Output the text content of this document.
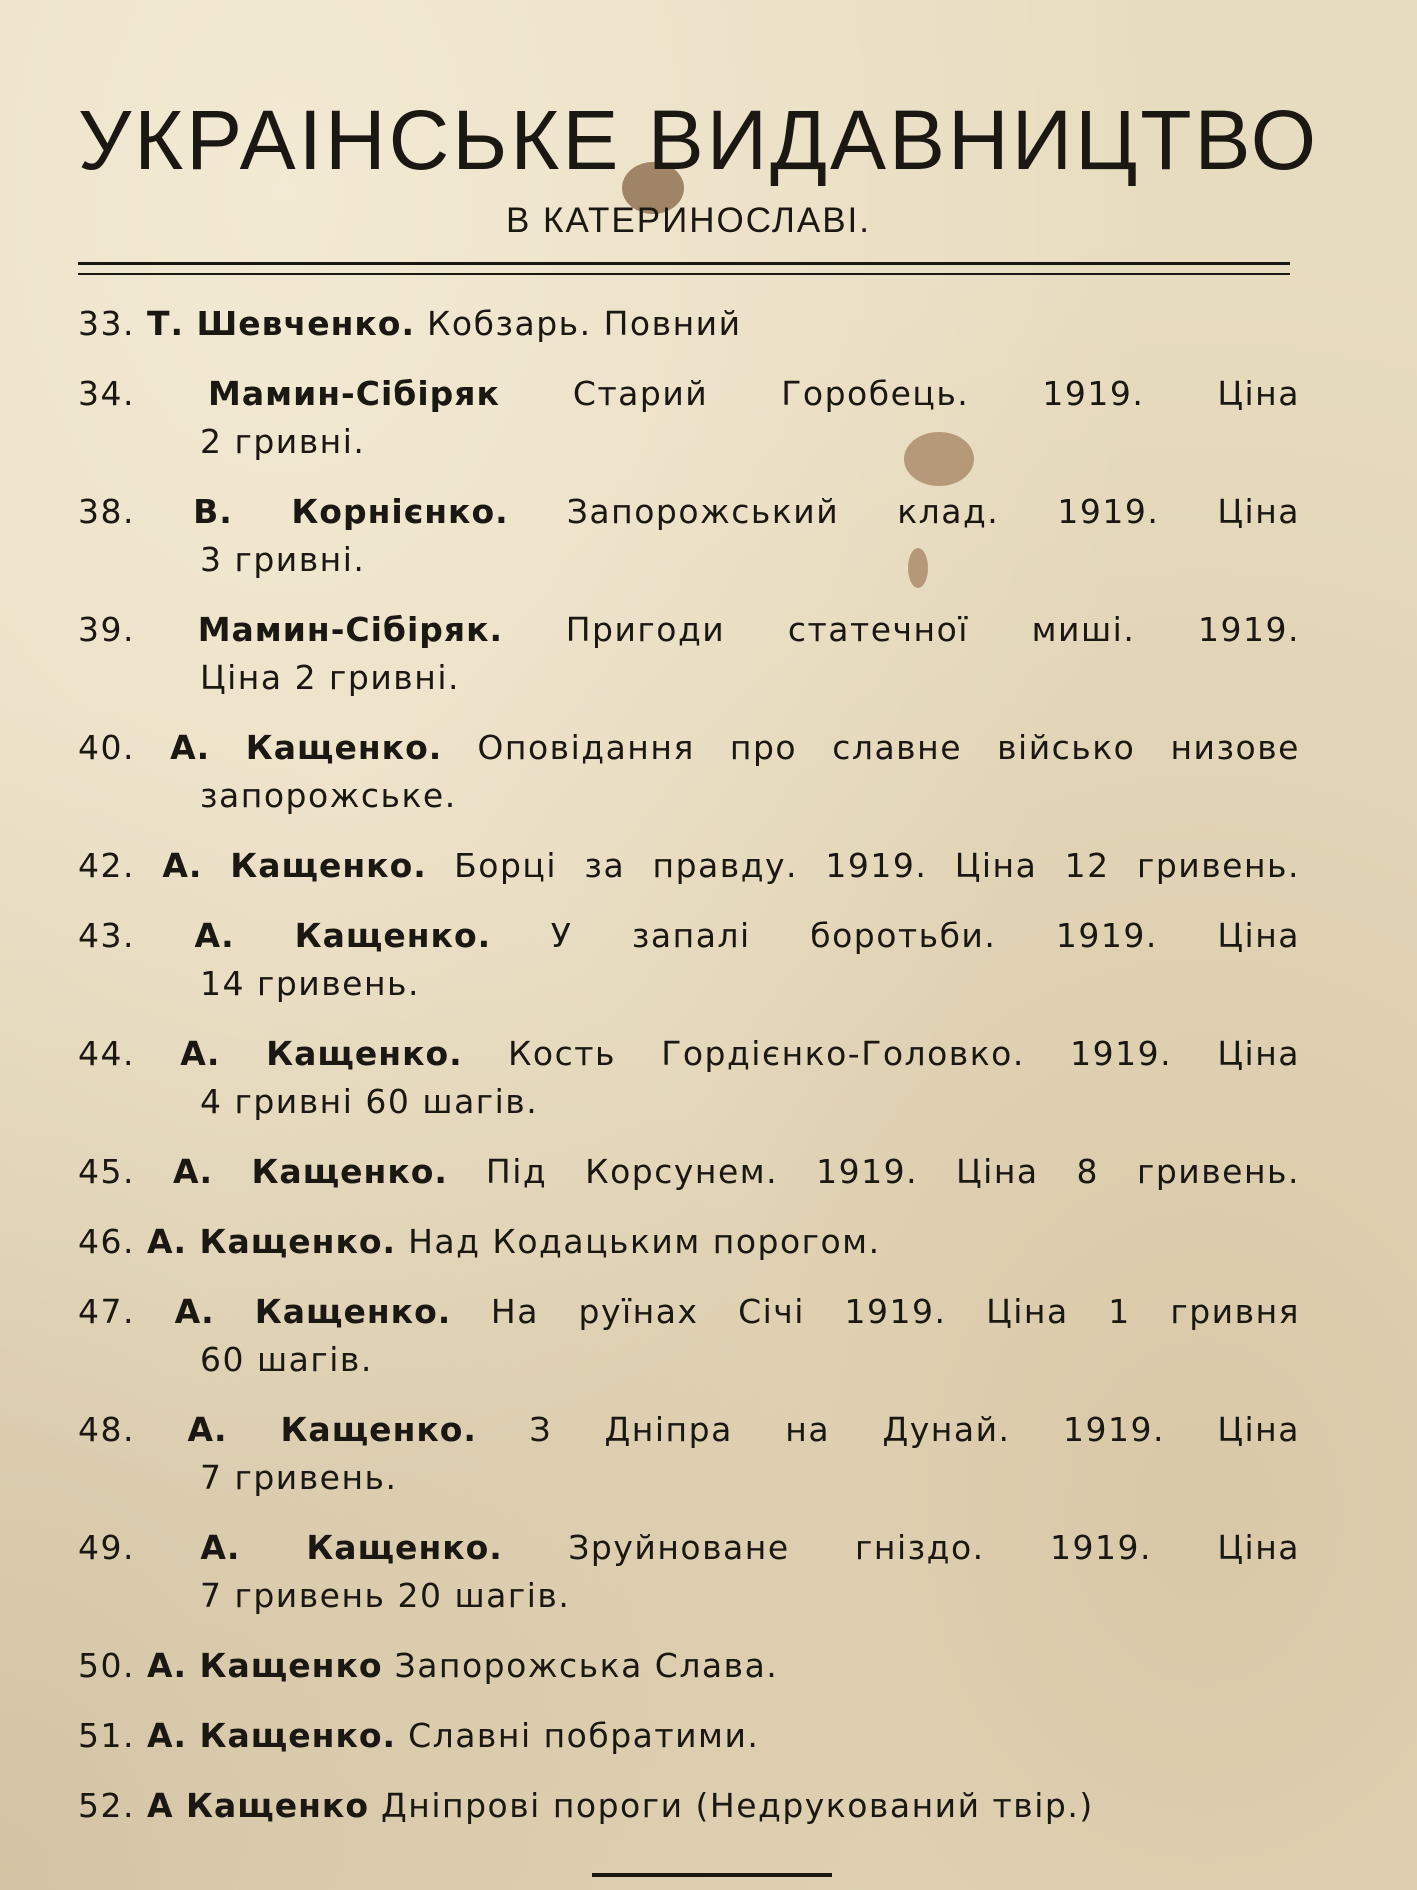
УКРАІНСЬКЕ ВИДАВНИЦТВО
В КАТЕРИНОСЛАВІ.
33. Т. Шевченко. Кобзарь. Повний
34. Мамин-Сібіряк Старий Горобець. 1919. Ціна
2 гривні.
38. В. Корнієнко. Запорожський клад. 1919. Ціна
3 гривні.
39. Мамин-Сібіряк. Пригоди статечної миші. 1919.
Ціна 2 гривні.
40. А. Кащенко. Оповідання про славне військо низове
запорожське.
42. А. Кащенко. Борці за правду. 1919. Ціна 12 гривень.
43. А. Кащенко. У запалі боротьби. 1919. Ціна
14 гривень.
44. А. Кащенко. Кость Гордієнко-Головко. 1919. Ціна
4 гривні 60 шагів.
45. А. Кащенко. Під Корсунем. 1919. Ціна 8 гривень.
46. А. Кащенко. Над Кодацьким порогом.
47. А. Кащенко. На руїнах Січі 1919. Ціна 1 гривня
60 шагів.
48. А. Кащенко. З Дніпра на Дунай. 1919. Ціна
7 гривень.
49. А. Кащенко. Зруйноване гніздо. 1919. Ціна
7 гривень 20 шагів.
50. А. Кащенко Запорожська Слава.
51. А. Кащенко. Славні побратими.
52. А Кащенко Дніпрові пороги (Недрукований твір.)
